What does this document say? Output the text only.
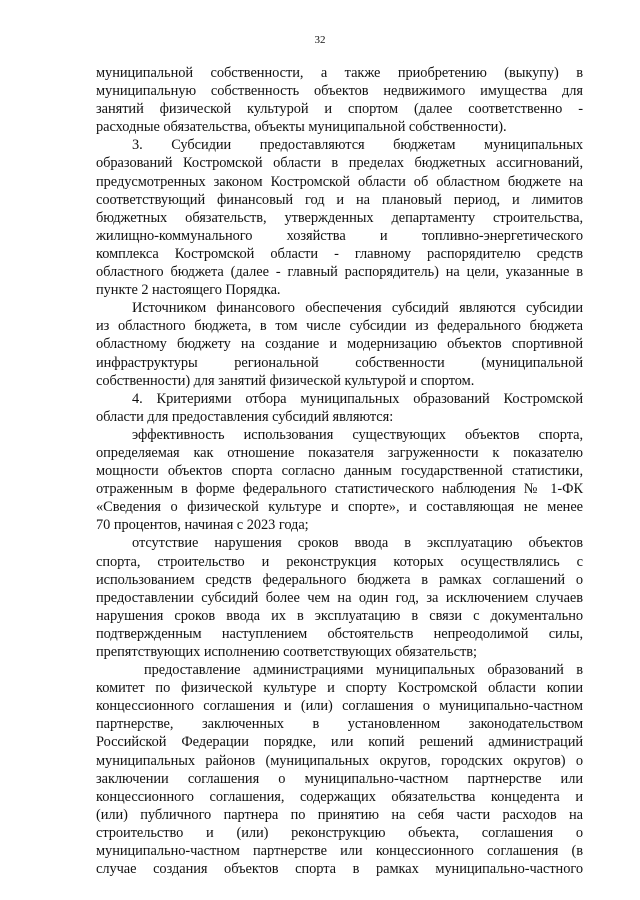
32
муниципальной собственности, а также приобретению (выкупу) в
муниципальную собственность объектов недвижимого имущества для
занятий физической культурой и спортом (далее соответственно -
расходные обязательства, объекты муниципальной собственности).
3. Субсидии предоставляются бюджетам муниципальных
образований Костромской области в пределах бюджетных ассигнований,
предусмотренных законом Костромской области об областном бюджете на
соответствующий финансовый год и на плановый период, и лимитов
бюджетных обязательств, утвержденных департаменту строительства,
жилищно-коммунального хозяйства и топливно-энергетического
комплекса Костромской области - главному распорядителю средств
областного бюджета (далее - главный распорядитель) на цели, указанные в
пункте 2 настоящего Порядка.
Источником финансового обеспечения субсидий являются субсидии
из областного бюджета, в том числе субсидии из федерального бюджета
областному бюджету на создание и модернизацию объектов спортивной
инфраструктуры региональной собственности (муниципальной
собственности) для занятий физической культурой и спортом.
4. Критериями отбора муниципальных образований Костромской
области для предоставления субсидий являются:
эффективность использования существующих объектов спорта,
определяемая как отношение показателя загруженности к показателю
мощности объектов спорта согласно данным государственной статистики,
отраженным в форме федерального статистического наблюдения № 1-ФК
«Сведения о физической культуре и спорте», и составляющая не менее
70 процентов, начиная с 2023 года;
отсутствие нарушения сроков ввода в эксплуатацию объектов
спорта, строительство и реконструкция которых осуществлялись с
использованием средств федерального бюджета в рамках соглашений о
предоставлении субсидий более чем на один год, за исключением случаев
нарушения сроков ввода их в эксплуатацию в связи с документально
подтвержденным наступлением обстоятельств непреодолимой силы,
препятствующих исполнению соответствующих обязательств;
предоставление администрациями муниципальных образований в
комитет по физической культуре и спорту Костромской области копии
концессионного соглашения и (или) соглашения о муниципально-частном
партнерстве, заключенных в установленном законодательством
Российской Федерации порядке, или копий решений администраций
муниципальных районов (муниципальных округов, городских округов) о
заключении соглашения о муниципально-частном партнерстве или
концессионного соглашения, содержащих обязательства концедента и
(или) публичного партнера по принятию на себя части расходов на
строительство и (или) реконструкцию объекта, соглашения о
муниципально-частном партнерстве или концессионного соглашения (в
случае создания объектов спорта в рамках муниципально-частного
